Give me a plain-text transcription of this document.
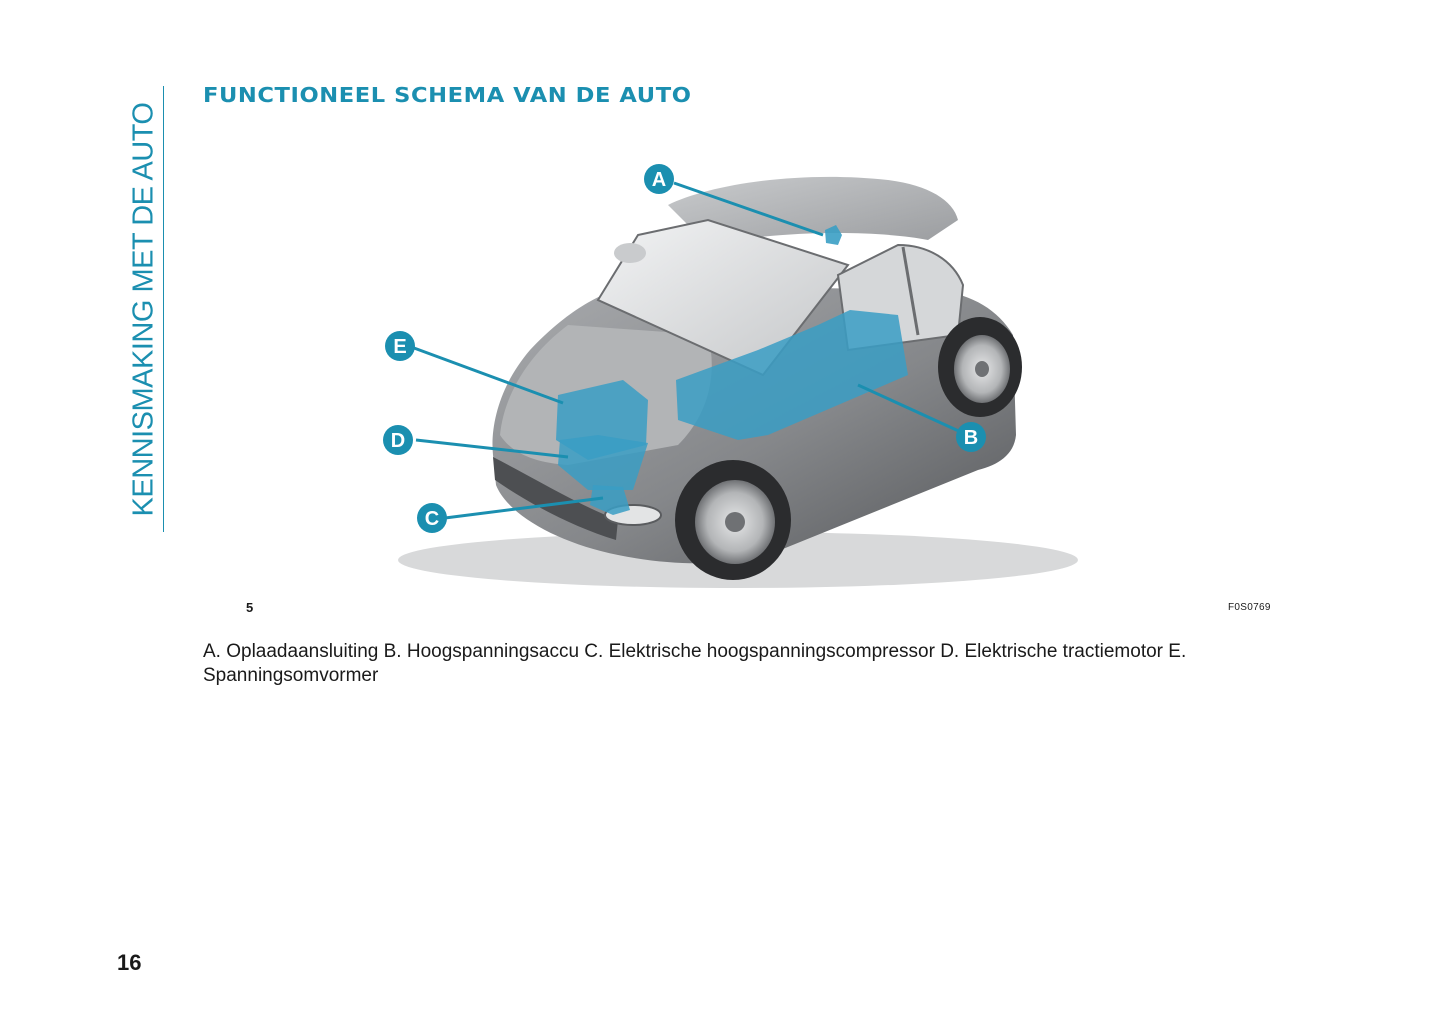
KENNISMAKING MET DE AUTO
FUNCTIONEEL SCHEMA VAN DE AUTO
A
B
C
D
E
5	F0S0769
A. Oplaadaansluiting B. Hoogspanningsaccu C. Elektrische hoogspanningscompressor D. Elektrische tractiemotor E. Spanningsomvormer
16
